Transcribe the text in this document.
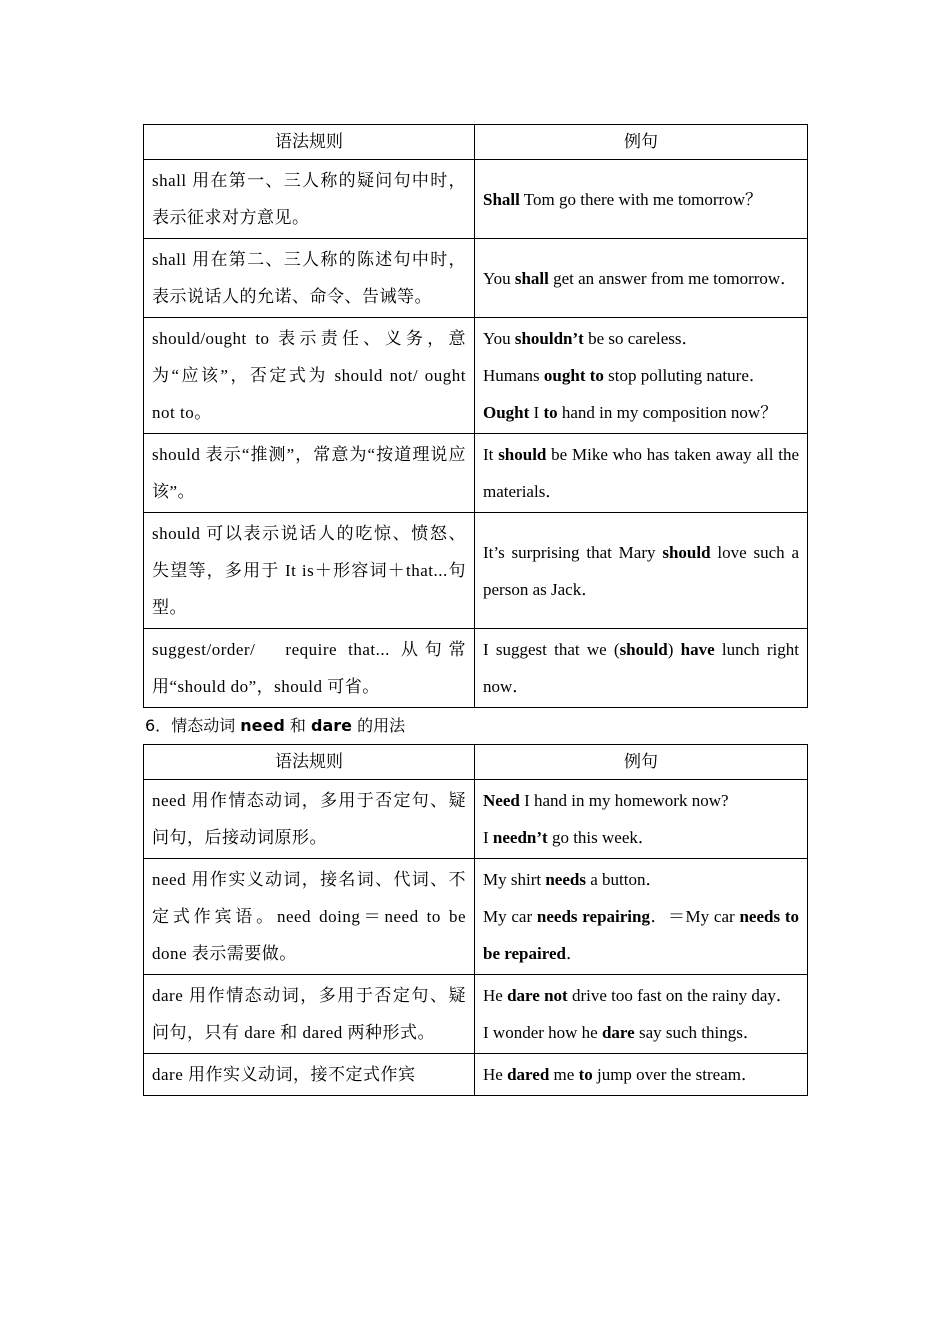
语法规则	例句
shall 用在第一、三人称的疑问句中时，表示征求对方意见。	Shall Tom go there with me tomorrow？

shall 用在第二、三人称的陈述句中时，表示说话人的允诺、命令、告诫等。	You shall get an answer from me tomorrow．

should/ought to 表示责任、义务，意为“应该”，否定式为 should not/ ought not to。	You shouldn’t be so careless．
Humans ought to stop polluting nature．
Ought I to hand in my composition now？

should 表示“推测”，常意为“按道理说应该”。	It should be Mike who has taken away all the materials．

should 可以表示说话人的吃惊、愤怒、失望等，多用于 It is＋形容词＋that...句型。	It’s surprising that Mary should love such a person as Jack．

suggest/order/　require that... 从句常用“should do”，should 可省。	I suggest that we (should) have lunch right now．

6．情态动词 need 和 dare 的用法

语法规则	例句
need 用作情态动词，多用于否定句、疑问句，后接动词原形。	Need I hand in my homework now?
I needn’t go this week．

need 用作实义动词，接名词、代词、不定式作宾语。need doing＝need to be done 表示需要做。	My shirt needs a button．
My car needs repairing．＝My car needs to be repaired．

dare 用作情态动词，多用于否定句、疑问句，只有 dare 和 dared 两种形式。	He dare not drive too fast on the rainy day．
I wonder how he dare say such things．

dare 用作实义动词，接不定式作宾	He dared me to jump over the stream．
